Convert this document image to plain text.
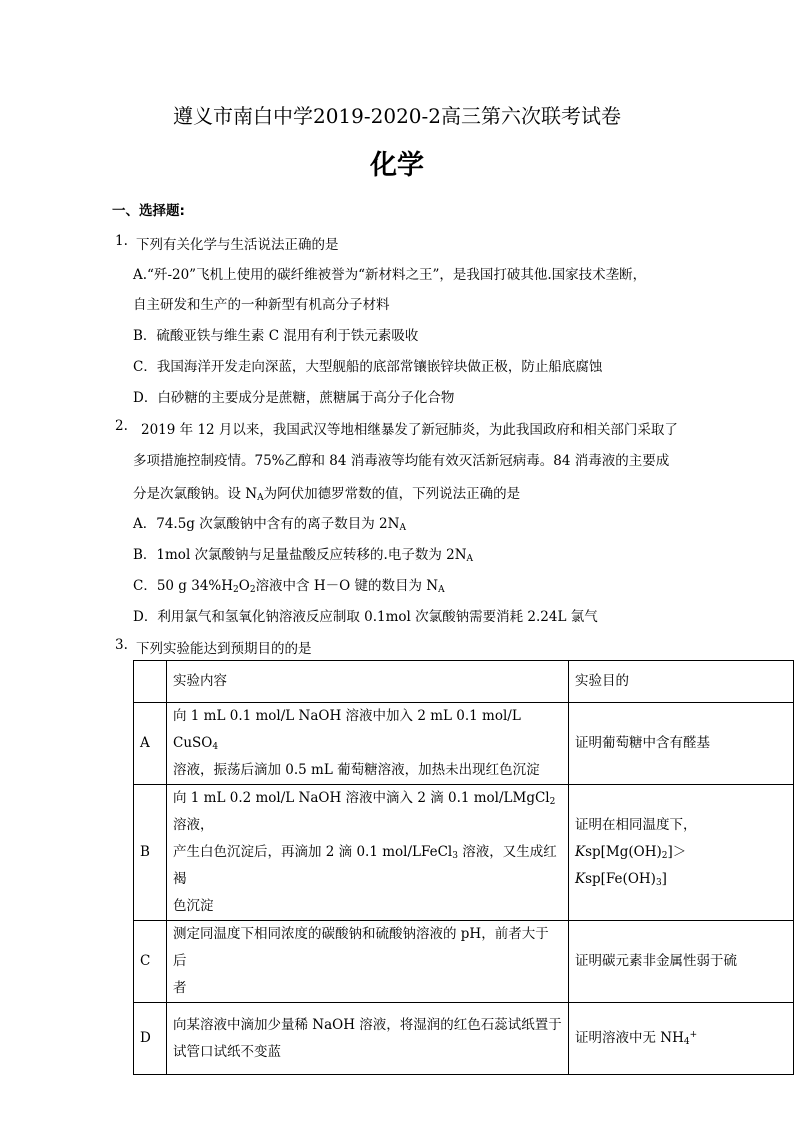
遵义市南白中学2019-2020-2高三第六次联考试卷
化学
一、选择题:
1. 下列有关化学与生活说法正确的是
A.“歼-20”飞机上使用的碳纤维被誉为“新材料之王”，是我国打破其他.国家技术垄断，
自主研发和生产的一种新型有机高分子材料
B．硫酸亚铁与维生素 C 混用有利于铁元素吸收
C．我国海洋开发走向深蓝，大型舰船的底部常镶嵌锌块做正极，防止船底腐蚀
D．白砂糖的主要成分是蔗糖，蔗糖属于高分子化合物
2. 2019 年 12 月以来，我国武汉等地相继暴发了新冠肺炎，为此我国政府和相关部门采取了
多项措施控制疫情。75%乙醇和 84 消毒液等均能有效灭活新冠病毒。84 消毒液的主要成
分是次氯酸钠。设 $N_A$为阿伏加德罗常数的值，下列说法正确的是
A．74.5g 次氯酸钠中含有的离子数目为 $2N_A$
B．1mol 次氯酸钠与足量盐酸反应转移的.电子数为 $2N_A$
C．50 g $34\%H_2O_2$溶液中含 H－O 键的数目为 $N_A$
D．利用氯气和氢氧化钠溶液反应制取 0.1mol 次氯酸钠需要消耗 2.24L 氯气
3. 下列实验能达到预期目的的是
	实验内容	实验目的
A	向 1 mL 0.1 mol/L NaOH 溶液中加入 2 mL 0.1 mol/L CuSO$_4$
溶液，振荡后滴加 0.5 mL 葡萄糖溶液，加热未出现红色沉淀	证明葡萄糖中含有醛基
B	向 1 mL 0.2 mol/L NaOH 溶液中滴入 2 滴 0.1 mol/LMgCl$_2$ 溶液，
产生白色沉淀后，再滴加 2 滴 0.1 mol/LFeCl$_3$ 溶液，又生成红褐
色沉淀	证明在相同温度下，$Ksp[Mg(OH)_2]>$
$Ksp[Fe(OH)_3]$
C	测定同温度下相同浓度的碳酸钠和硫酸钠溶液的 pH，前者大于后
者	证明碳元素非金属性弱于硫
D	向某溶液中滴加少量稀 NaOH 溶液，将湿润的红色石蕊试纸置于
试管口试纸不变蓝	证明溶液中无 $NH_4^+$
